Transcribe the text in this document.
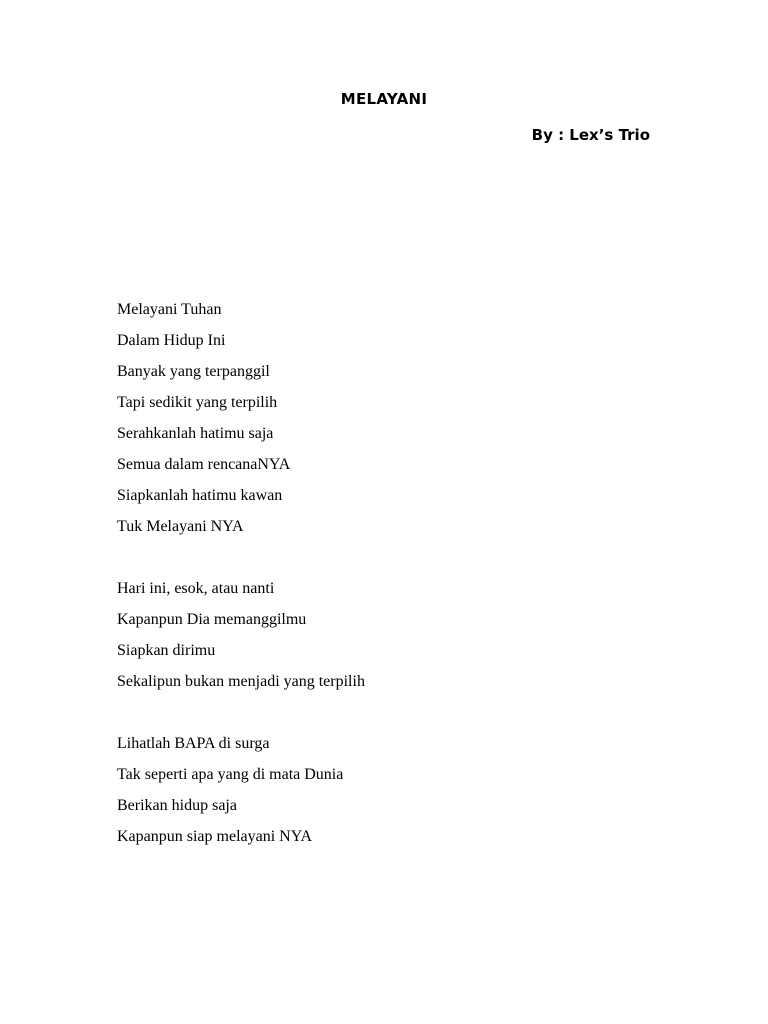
MELAYANI
By : Lex’s Trio
Melayani Tuhan
Dalam Hidup Ini
Banyak yang terpanggil
Tapi sedikit yang terpilih
Serahkanlah hatimu saja
Semua dalam rencanaNYA
Siapkanlah hatimu kawan
Tuk Melayani NYA
Hari ini, esok, atau nanti
Kapanpun Dia memanggilmu
Siapkan dirimu
Sekalipun bukan menjadi yang terpilih
Lihatlah BAPA di surga
Tak seperti apa yang di mata Dunia
Berikan hidup saja
Kapanpun siap melayani NYA
